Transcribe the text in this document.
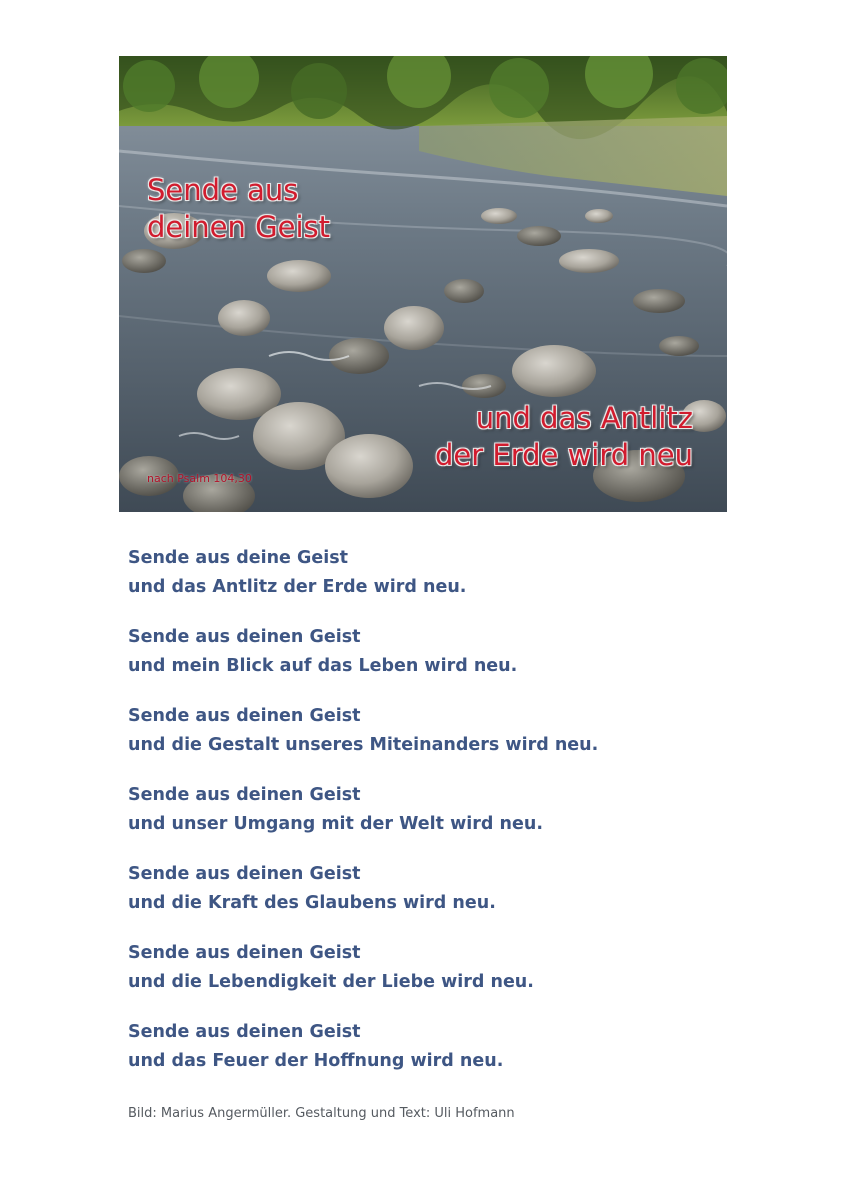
Sende aus
deinen Geist
und das Antlitz
der Erde wird neu
nach Psalm 104,30
Sende aus deine Geist
und das Antlitz der Erde wird neu.
Sende aus deinen Geist
und mein Blick auf das Leben wird neu.
Sende aus deinen Geist
und die Gestalt unseres Miteinanders wird neu.
Sende aus deinen Geist
und unser Umgang mit der Welt wird neu.
Sende aus deinen Geist
und die Kraft des Glaubens wird neu.
Sende aus deinen Geist
und die Lebendigkeit der Liebe wird neu.
Sende aus deinen Geist
und das Feuer der Hoffnung wird neu.
Bild: Marius Angermüller. Gestaltung und Text: Uli Hofmann
